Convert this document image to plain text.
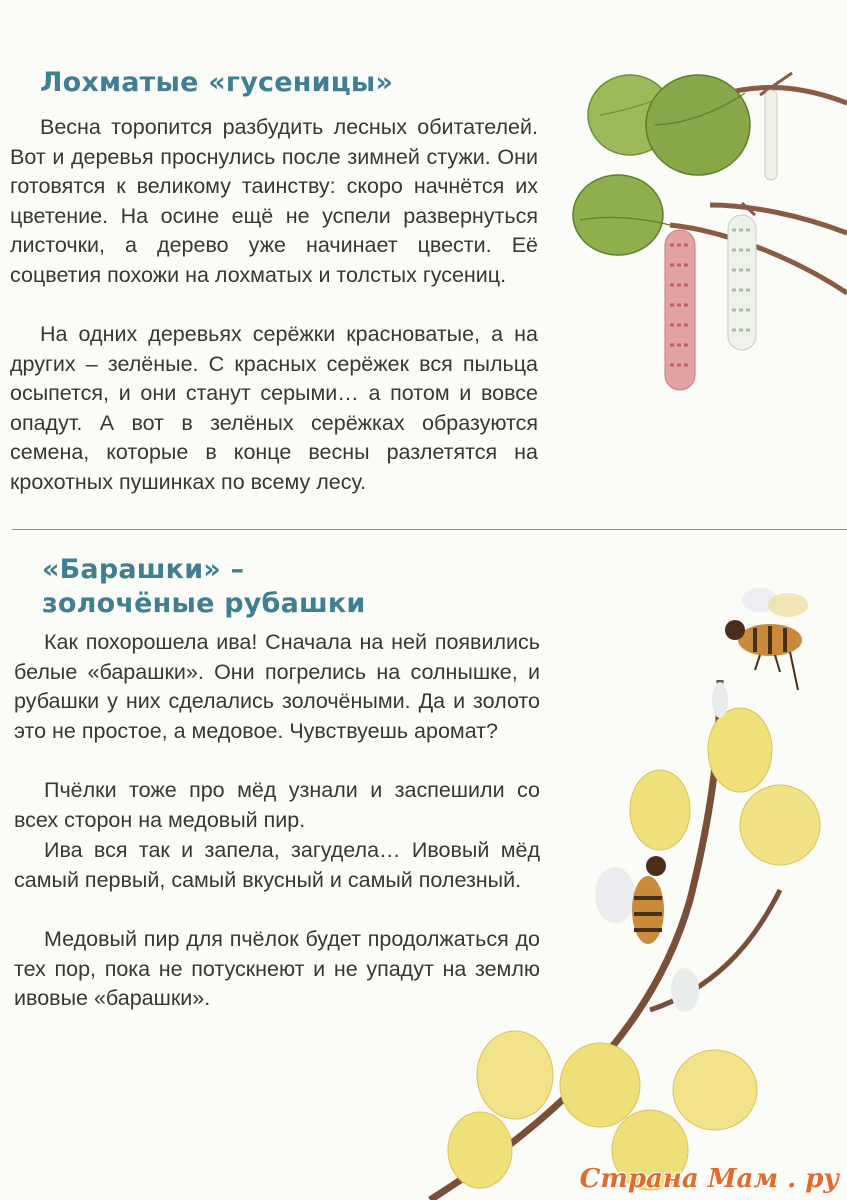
Лохматые «гусеницы»

Весна торопится разбудить лесных обитателей. Вот и деревья проснулись после зимней стужи. Они готовятся к великому таинству: скоро начнётся их цветение. На осине ещё не успели развернуться листочки, а дерево уже начинает цвести. Её соцветия похожи на лохматых и толстых гусениц.

На одних деревьях серёжки красноватые, а на других – зелёные. С красных серёжек вся пыльца осыпется, и они станут серыми… а потом и вовсе опадут. А вот в зелёных серёжках образуются семена, которые в конце весны разлетятся на крохотных пушинках по всему лесу.

«Барашки» –
золочёные рубашки

Как похорошела ива! Сначала на ней появились белые «барашки». Они погрелись на солнышке, и рубашки у них сделались золочёными. Да и золото это не простое, а медовое. Чувствуешь аромат?

Пчёлки тоже про мёд узнали и заспешили со всех сторон на медовый пир.

Ива вся так и запела, загудела… Ивовый мёд самый первый, самый вкусный и самый полезный.

Медовый пир для пчёлок будет продолжаться до тех пор, пока не потускнеют и не упадут на землю ивовые «барашки».

Страна Мам . ру
